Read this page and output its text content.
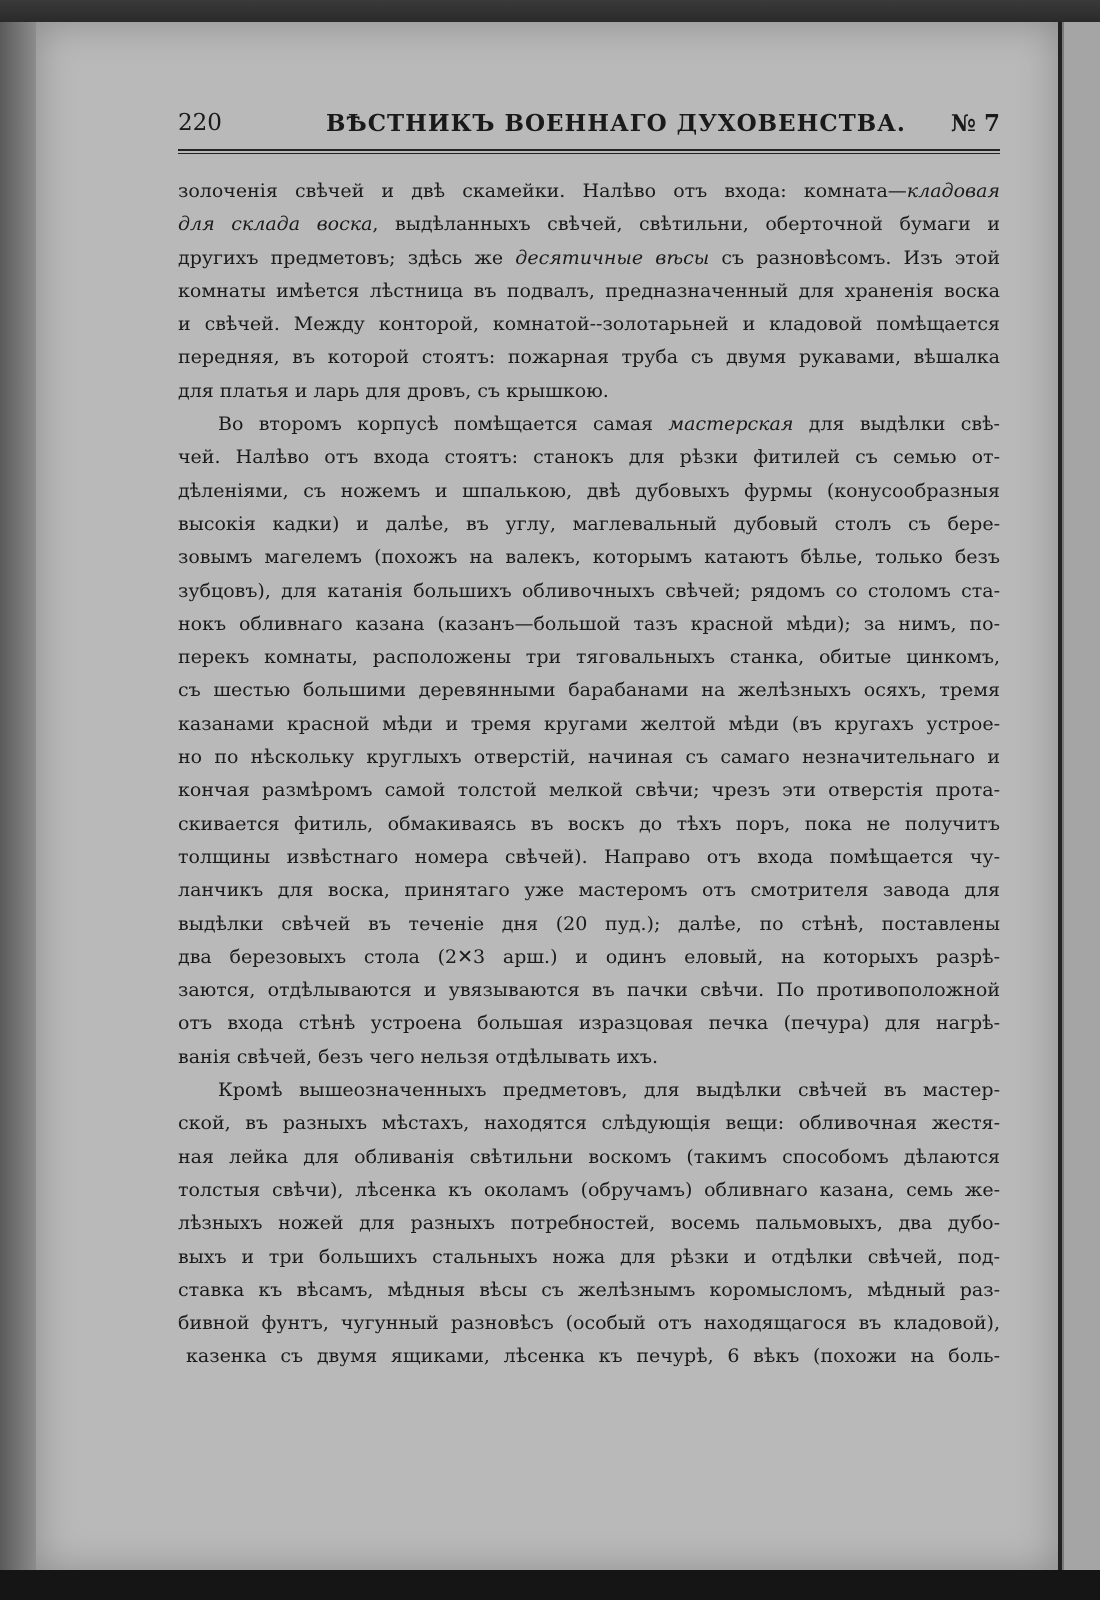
220	ВѢСТНИКЪ ВОЕННАГО ДУХОВЕНСТВА. № 7
золоченія свѣчей и двѣ скамейки. Налѣво отъ входа: комната—кладовая
для склада воска, выдѣланныхъ свѣчей, свѣтильни, оберточной бумаги и
другихъ предметовъ; здѣсь же десятичные вѣсы съ разновѣсомъ. Изъ этой
комнаты имѣется лѣстница въ подвалъ, предназначенный для храненія воска
и свѣчей. Между конторой, комнатой--золотарьней и кладовой помѣщается
передняя, въ которой стоятъ: пожарная труба съ двумя рукавами, вѣшалка
для платья и ларь для дровъ, съ крышкою.
Во второмъ корпусѣ помѣщается самая мастерская для выдѣлки свѣ-
чей. Налѣво отъ входа стоятъ: станокъ для рѣзки фитилей съ семью от-
дѣленіями, съ ножемъ и шпалькою, двѣ дубовыхъ фурмы (конусообразныя
высокія кадки) и далѣе, въ углу, маглевальный дубовый столъ съ бере-
зовымъ магелемъ (похожъ на валекъ, которымъ катаютъ бѣлье, только безъ
зубцовъ), для катанія большихъ обливочныхъ свѣчей; рядомъ со столомъ ста-
нокъ обливнаго казана (казанъ—большой тазъ красной мѣди); за нимъ, по-
перекъ комнаты, расположены три тяговальныхъ станка, обитые цинкомъ,
съ шестью большими деревянными барабанами на желѣзныхъ осяхъ, тремя
казанами красной мѣди и тремя кругами желтой мѣди (въ кругахъ устрое-
но по нѣскольку круглыхъ отверстій, начиная съ самаго незначительнаго и
кончая размѣромъ самой толстой мелкой свѣчи; чрезъ эти отверстія прота-
скивается фитиль, обмакиваясь въ воскъ до тѣхъ поръ, пока не получитъ
толщины извѣстнаго номера свѣчей). Направо отъ входа помѣщается чу-
ланчикъ для воска, принятаго уже мастеромъ отъ смотрителя завода для
выдѣлки свѣчей въ теченіе дня (20 пуд.); далѣе, по стѣнѣ, поставлены
два березовыхъ стола (2✕3 арш.) и одинъ еловый, на которыхъ разрѣ-
заются, отдѣлываются и увязываются въ пачки свѣчи. По противоположной
отъ входа стѣнѣ устроена большая изразцовая печка (печура) для нагрѣ-
ванія свѣчей, безъ чего нельзя отдѣлывать ихъ.
Кромѣ вышеозначенныхъ предметовъ, для выдѣлки свѣчей въ мастер-
ской, въ разныхъ мѣстахъ, находятся слѣдующія вещи: обливочная жестя-
ная лейка для обливанія свѣтильни воскомъ (такимъ способомъ дѣлаются
толстыя свѣчи), лѣсенка къ околамъ (обручамъ) обливнаго казана, семь же-
лѣзныхъ ножей для разныхъ потребностей, восемь пальмовыхъ, два дубо-
выхъ и три большихъ стальныхъ ножа для рѣзки и отдѣлки свѣчей, под-
ставка къ вѣсамъ, мѣдныя вѣсы съ желѣзнымъ коромысломъ, мѣдный раз-
бивной фунтъ, чугунный разновѣсъ (особый отъ находящагося въ кладовой),
казенка съ двумя ящиками, лѣсенка къ печурѣ, 6 вѣкъ (похожи на боль-
